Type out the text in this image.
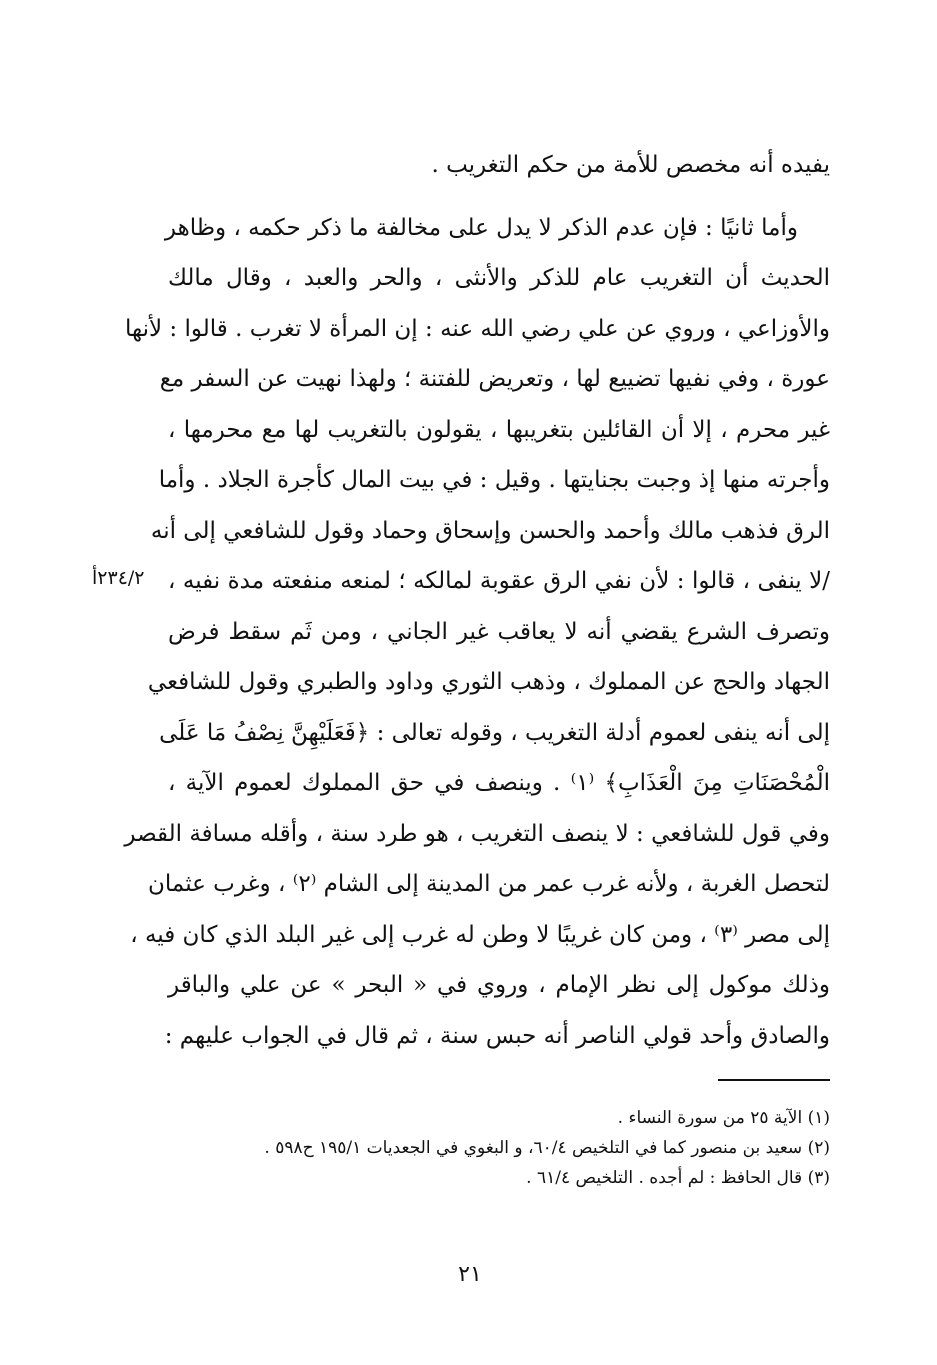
يفيده أنه مخصص للأمة من حكم التغريب .

وأما ثانيًا : فإن عدم الذكر لا يدل على مخالفة ما ذكر حكمه ، وظاهر
الحديث أن التغريب عام للذكر والأنثى ، والحر والعبد ، وقال مالك
والأوزاعي ، وروي عن علي رضي الله عنه : إن المرأة لا تغرب . قالوا : لأنها
عورة ، وفي نفيها تضييع لها ، وتعريض للفتنة ؛ ولهذا نهيت عن السفر مع
غير محرم ، إلا أن القائلين بتغريبها ، يقولون بالتغريب لها مع محرمها ،
وأجرته منها إذ وجبت بجنايتها . وقيل : في بيت المال كأجرة الجلاد . وأما
الرق فذهب مالك وأحمد والحسن وإسحاق وحماد وقول للشافعي إلى أنه
/لا ينفى ، قالوا : لأن نفي الرق عقوبة لمالكه ؛ لمنعه منفعته مدة نفيه ،
وتصرف الشرع يقضي أنه لا يعاقب غير الجاني ، ومن ثَم سقط فرض
الجهاد والحج عن المملوك ، وذهب الثوري وداود والطبري وقول للشافعي
إلى أنه ينفى لعموم أدلة التغريب ، وقوله تعالى : ﴿فَعَلَيْهِنَّ نِصْفُ مَا عَلَى
الْمُحْصَنَاتِ مِنَ الْعَذَابِ﴾ ⁽١⁾ . وينصف في حق المملوك لعموم الآية ،
وفي قول للشافعي : لا ينصف التغريب ، هو طرد سنة ، وأقله مسافة القصر
لتحصل الغربة ، ولأنه غرب عمر من المدينة إلى الشام ⁽٢⁾ ، وغرب عثمان
إلى مصر ⁽٣⁾ ، ومن كان غريبًا لا وطن له غرب إلى غير البلد الذي كان فيه ،
وذلك موكول إلى نظر الإمام ، وروي في « البحر » عن علي والباقر
والصادق وأحد قولي الناصر أنه حبس سنة ، ثم قال في الجواب عليهم :

٢٣٤/٢أ
(١) الآية ٢٥ من سورة النساء .
(٢) سعيد بن منصور كما في التلخيص ٦٠/٤، و البغوي في الجعديات ١٩٥/١ ح٥٩٨ .
(٣) قال الحافظ : لم أجده . التلخيص ٦١/٤ .
٢١
